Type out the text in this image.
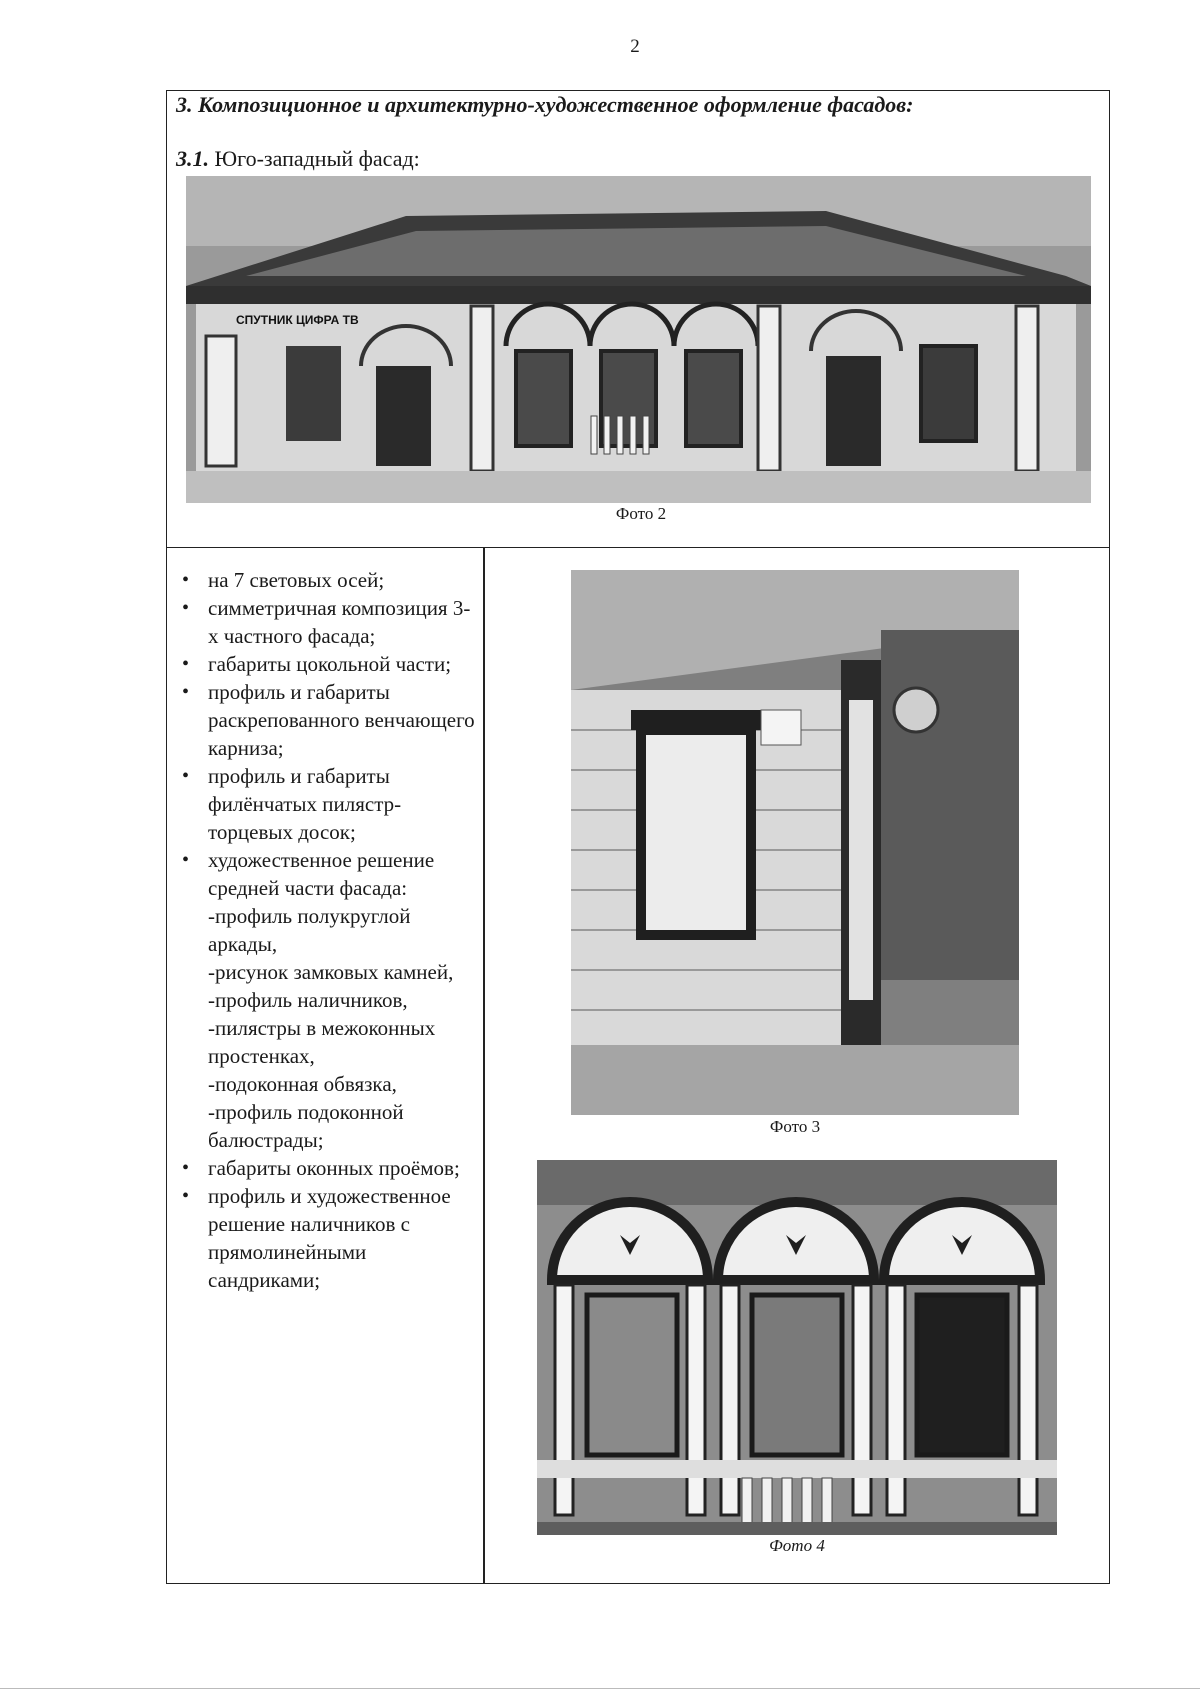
2
3. Композиционное и архитектурно-художественное оформление фасадов:
3.1. Юго-западный фасад:
СПУТНИК ЦИФРА ТВ
Фото 2
Фото 3
Фото 4
• на 7 световых осей;
• симметричная композиция 3-х частного фасада;
• габариты цокольной части;
• профиль и габариты раскрепованного венчающего карниза;
• профиль и габариты филёнчатых пилястр-торцевых досок;
• художественное решение средней части фасада:
-профиль полукруглой аркады,
-рисунок замковых камней,
-профиль наличников,
-пилястры в межоконных простенках,
-подоконная обвязка,
-профиль подоконной балюстрады;
• габариты оконных проёмов;
• профиль и художественное решение наличников с прямолинейными сандриками;
